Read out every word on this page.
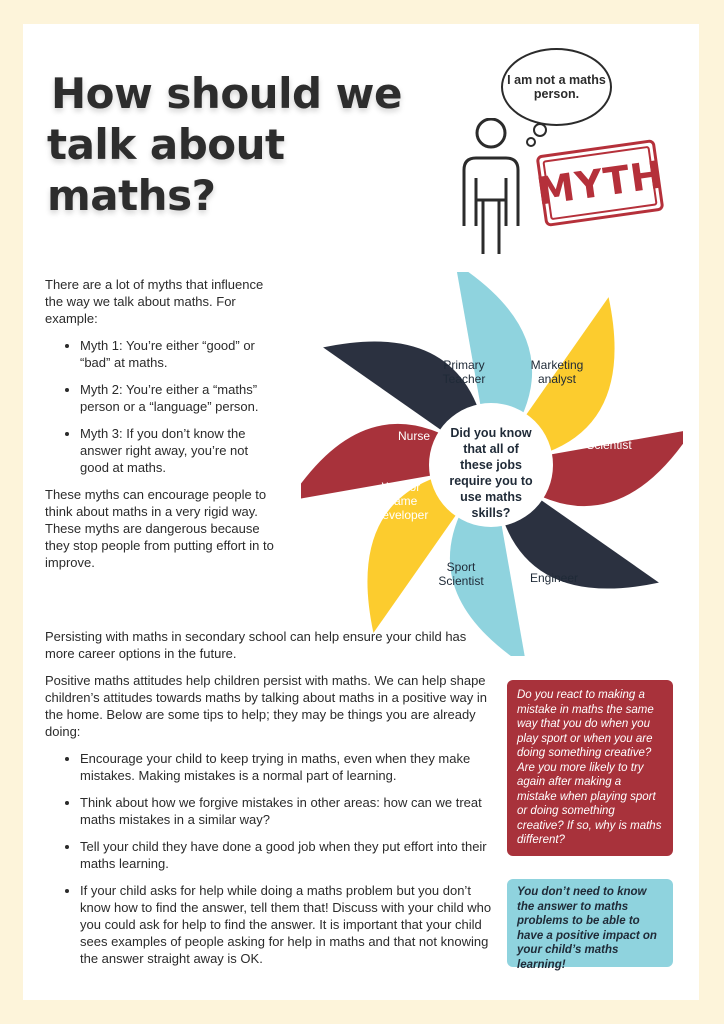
How should we
talk about
maths?
I am not a maths person.
MYTH

There are a lot of myths that influence the way we talk about maths. For example:

• Myth 1: You’re either “good” or “bad” at maths.
• Myth 2: You’re either a “maths” person or a “language” person.
• Myth 3: If you don’t know the answer right away, you’re not good at maths.

These myths can encourage people to think about maths in a very rigid way. These myths are dangerous because they stop people from putting effort in to improve.

Primary Teacher
Marketing analyst
Climate Scientist
Builder
Engineer
Sport Scientist
Web or Game Developer
Nurse Did you know that all of these jobs require you to use maths skills?

Persisting with maths in secondary school can help ensure your child has more career options in the future.

Positive maths attitudes help children persist with maths. We can help shape children’s attitudes towards maths by talking about maths in a positive way in the home. Below are some tips to help; they may be things you are already doing:

• Encourage your child to keep trying in maths, even when they make mistakes. Making mistakes is a normal part of learning.
• Think about how we forgive mistakes in other areas: how can we treat maths mistakes in a similar way?
• Tell your child they have done a good job when they put effort into their maths learning.
• If your child asks for help while doing a maths problem but you don’t know how to find the answer, tell them that! Discuss with your child who you could ask for help to find the answer. It is important that your child sees examples of people asking for help in maths and that not knowing the answer straight away is OK.
Do you react to making a mistake in maths the same way that you do when you play sport or when you are doing something creative? Are you more likely to try again after making a mistake when playing sport or doing something creative? If so, why is maths different?
You don’t need to know the answer to maths problems to be able to have a positive impact on your child’s maths learning!
